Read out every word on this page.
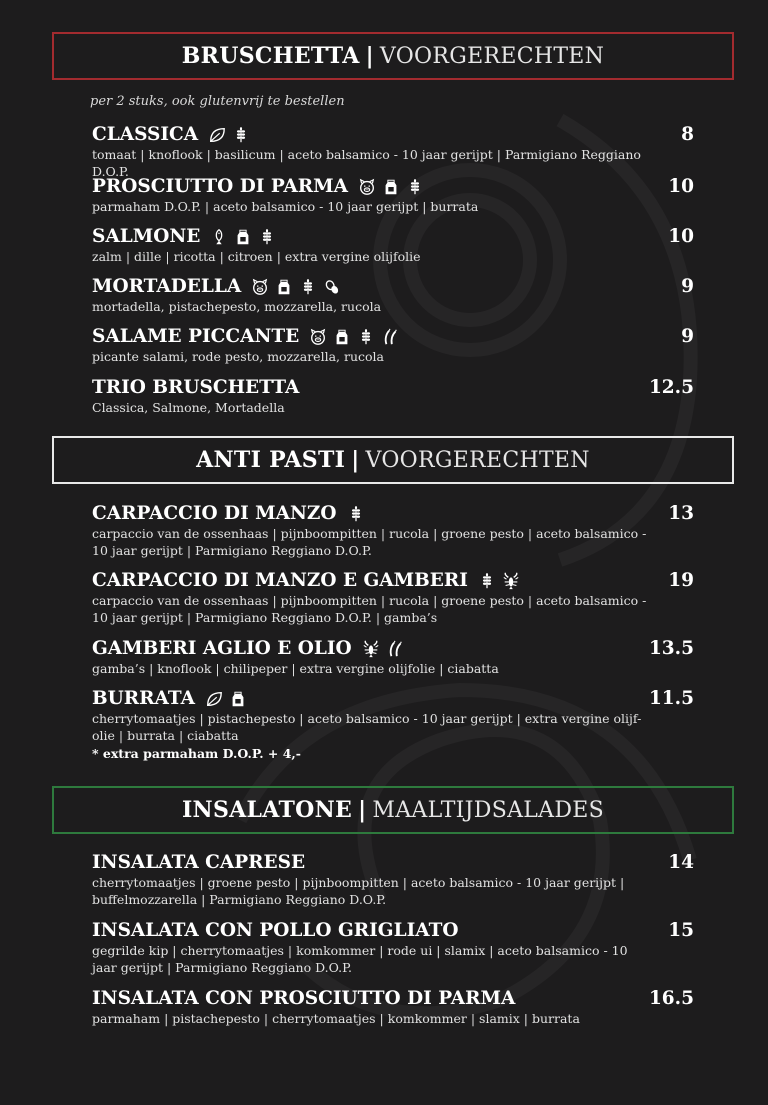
BRUSCHETTA | VOORGERECHTEN
per 2 stuks, ook glutenvrij te bestellen
CLASSICA	8
tomaat | knoflook | basilicum | aceto balsamico - 10 jaar gerijpt | Parmigiano Reggiano D.O.P.
PROSCIUTTO DI PARMA	10
parmaham D.O.P. | aceto balsamico - 10 jaar gerijpt | burrata
SALMONE	10
zalm | dille | ricotta | citroen | extra vergine olijfolie
MORTADELLA	9
mortadella, pistachepesto, mozzarella, rucola
SALAME PICCANTE	9
picante salami, rode pesto, mozzarella, rucola
TRIO BRUSCHETTA	12.5
Classica, Salmone, Mortadella
ANTI PASTI | VOORGERECHTEN
CARPACCIO DI MANZO	13
carpaccio van de ossenhaas | pijnboompitten | rucola | groene pesto | aceto balsamico - 10 jaar gerijpt | Parmigiano Reggiano D.O.P.
CARPACCIO DI MANZO E GAMBERI	19
carpaccio van de ossenhaas | pijnboompitten | rucola | groene pesto | aceto balsamico - 10 jaar gerijpt | Parmigiano Reggiano D.O.P. | gamba’s
GAMBERI AGLIO E OLIO	13.5
gamba’s | knoflook | chilipeper | extra vergine olijfolie | ciabatta
BURRATA	11.5
cherrytomaatjes | pistachepesto | aceto balsamico - 10 jaar gerijpt | extra vergine olijf-olie | burrata | ciabatta
* extra parmaham D.O.P. + 4,-
INSALATONE | MAALTIJDSALADES
INSALATA CAPRESE	14
cherrytomaatjes | groene pesto | pijnboompitten | aceto balsamico - 10 jaar gerijpt | buffelmozzarella | Parmigiano Reggiano D.O.P.
INSALATA CON POLLO GRIGLIATO	15
gegrilde kip | cherrytomaatjes | komkommer | rode ui | slamix | aceto balsamico - 10 jaar gerijpt | Parmigiano Reggiano D.O.P.
INSALATA CON PROSCIUTTO DI PARMA	16.5
parmaham | pistachepesto | cherrytomaatjes | komkommer | slamix | burrata
